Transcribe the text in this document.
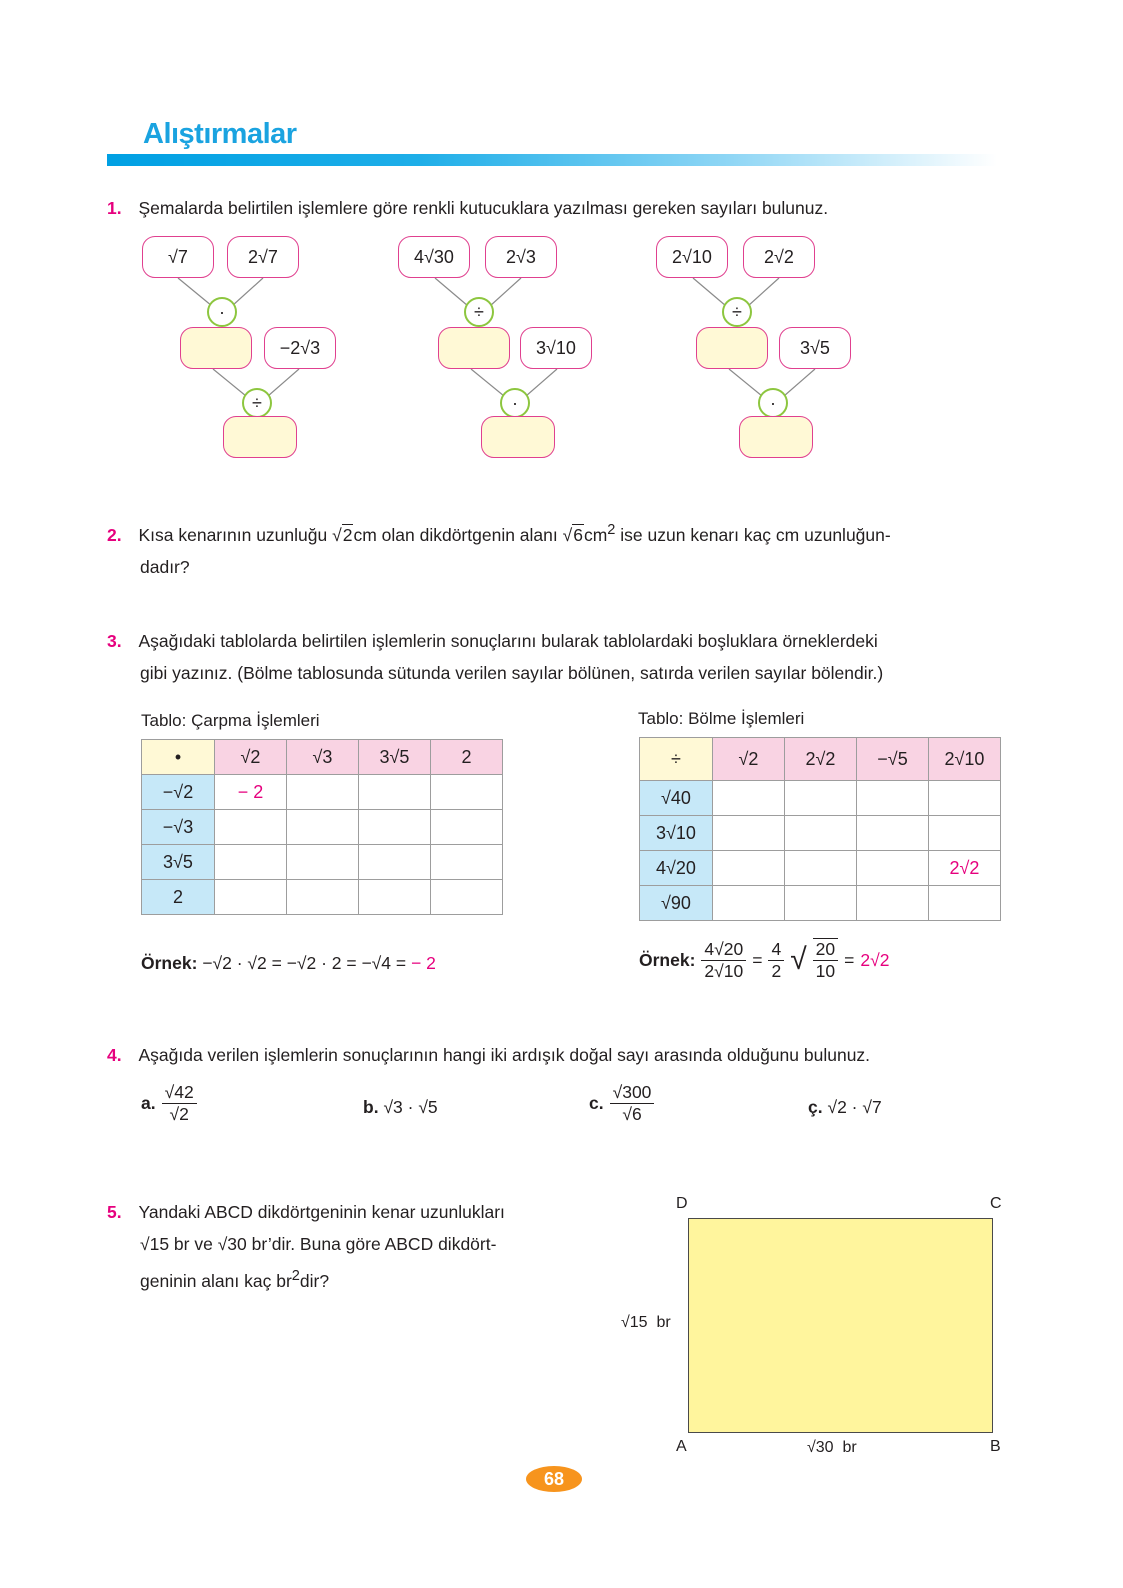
Alıştırmalar
1. Şemalarda belirtilen işlemlere göre renkli kutucuklara yazılması gereken sayıları bulunuz.
√7	2√7
·
−2√3
÷
4√30	2√3
÷
3√10
·
2√10	2√2
÷
3√5
·
2. Kısa kenarının uzunluğu √2cm olan dikdörtgenin alanı $√6cm^2$ ise uzun kenarı kaç cm uzunluğun-
dadır?
3. Aşağıdaki tablolarda belirtilen işlemlerin sonuçlarını bularak tablolardaki boşluklara örneklerdeki
gibi yazınız. (Bölme tablosunda sütunda verilen sayılar bölünen, satırda verilen sayılar bölendir.)
Tablo: Çarpma İşlemleri
•	√2	√3	3√5	2
−√2	− 2			
−√3				
3√5				
2				
Örnek: −√2 · √2 = −√2 · 2 = −√4 = − 2
Tablo: Bölme İşlemleri
÷	√2	2√2	−√5	2√10
√40				
3√10				
4√20				2√2
√90				
Örnek: $\frac{4√20}{2√10} = \frac{4}{2}$ √ $\frac{20}{10} = 2√2$
4. Aşağıda verilen işlemlerin sonuçlarının hangi iki ardışık doğal sayı arasında olduğunu bulunuz.
a. $\frac{√42}{√2}$	b. √3 · √5	c. $\frac{√300}{√6}$	ç. √2 · √7
5. Yandaki ABCD dikdörtgeninin kenar uzunlukları
√15 br ve √30 br’dir. Buna göre ABCD dikdört-
geninin alanı kaç $br^2dir$?
D	C
A	B
√15  br
√30  br
68
